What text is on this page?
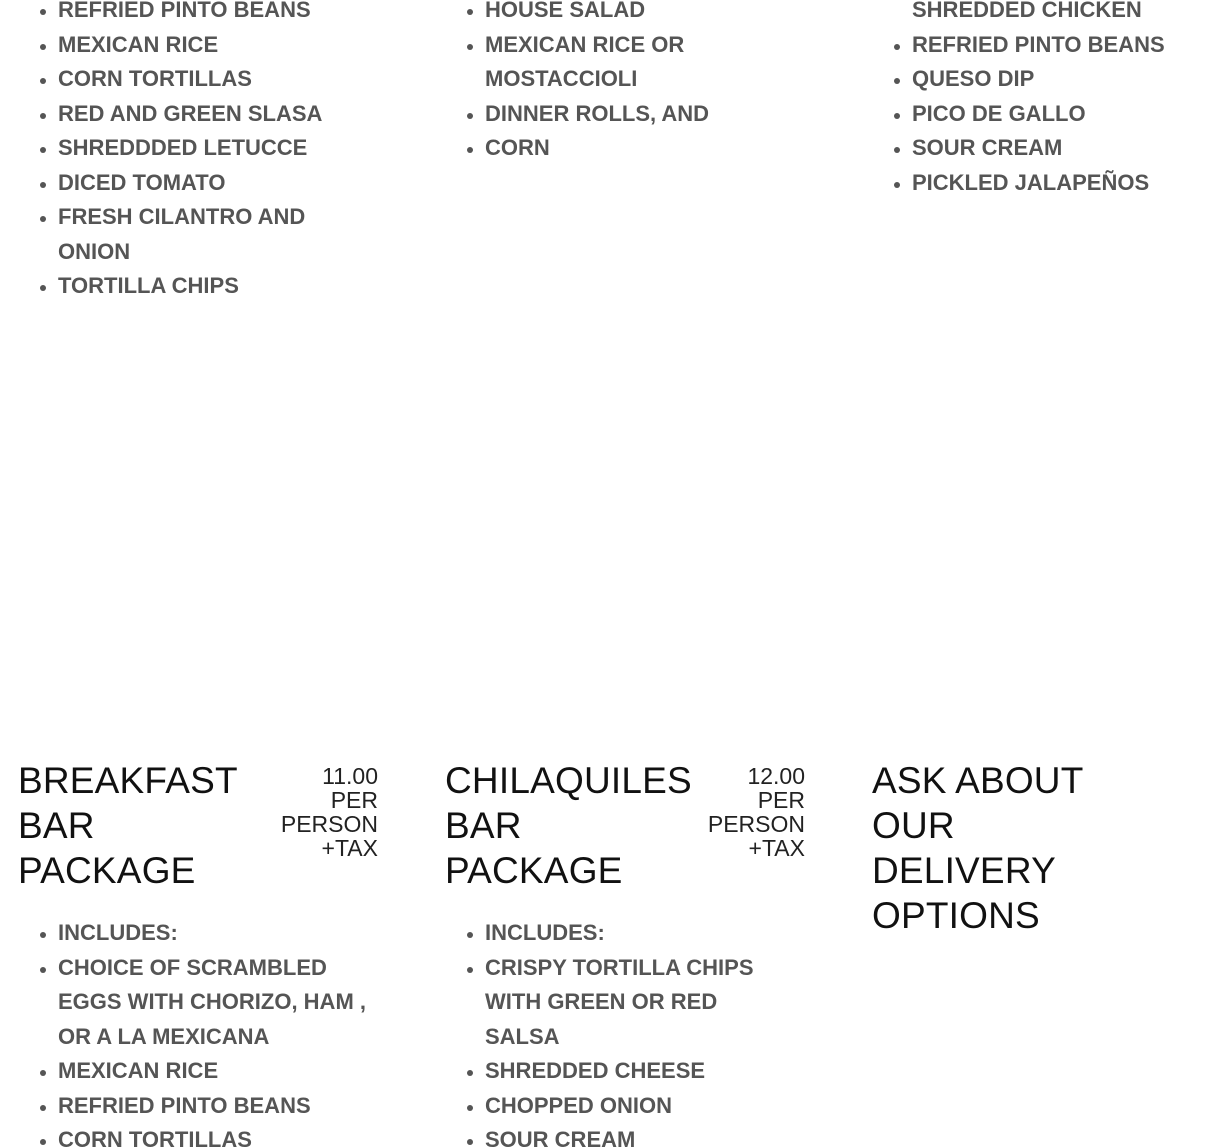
• REFRIED PINTO BEANS
• MEXICAN RICE
• CORN TORTILLAS
• RED AND GREEN SLASA
• SHREDDDED LETUCCE
• DICED TOMATO
• FRESH CILANTRO AND ONION
• TORTILLA CHIPS
• HOUSE SALAD
• MEXICAN RICE OR MOSTACCIOLI
• DINNER ROLLS, AND
• CORN
SHREDDED CHICKEN
• REFRIED PINTO BEANS
• QUESO DIP
• PICO DE GALLO
• SOUR CREAM
• PICKLED JALAPEÑOS
BREAKFAST
BAR
PACKAGE
11.00
PER
PERSON
+TAX
• INCLUDES:
• CHOICE OF SCRAMBLED EGGS WITH CHORIZO, HAM , OR A LA MEXICANA
• MEXICAN RICE
• REFRIED PINTO BEANS
• CORN TORTILLAS
CHILAQUILES
BAR
PACKAGE
12.00
PER
PERSON
+TAX
• INCLUDES:
• CRISPY TORTILLA CHIPS WITH GREEN OR RED SALSA
• SHREDDED CHEESE
• CHOPPED ONION
• SOUR CREAM
ASK ABOUT
OUR
DELIVERY
OPTIONS
